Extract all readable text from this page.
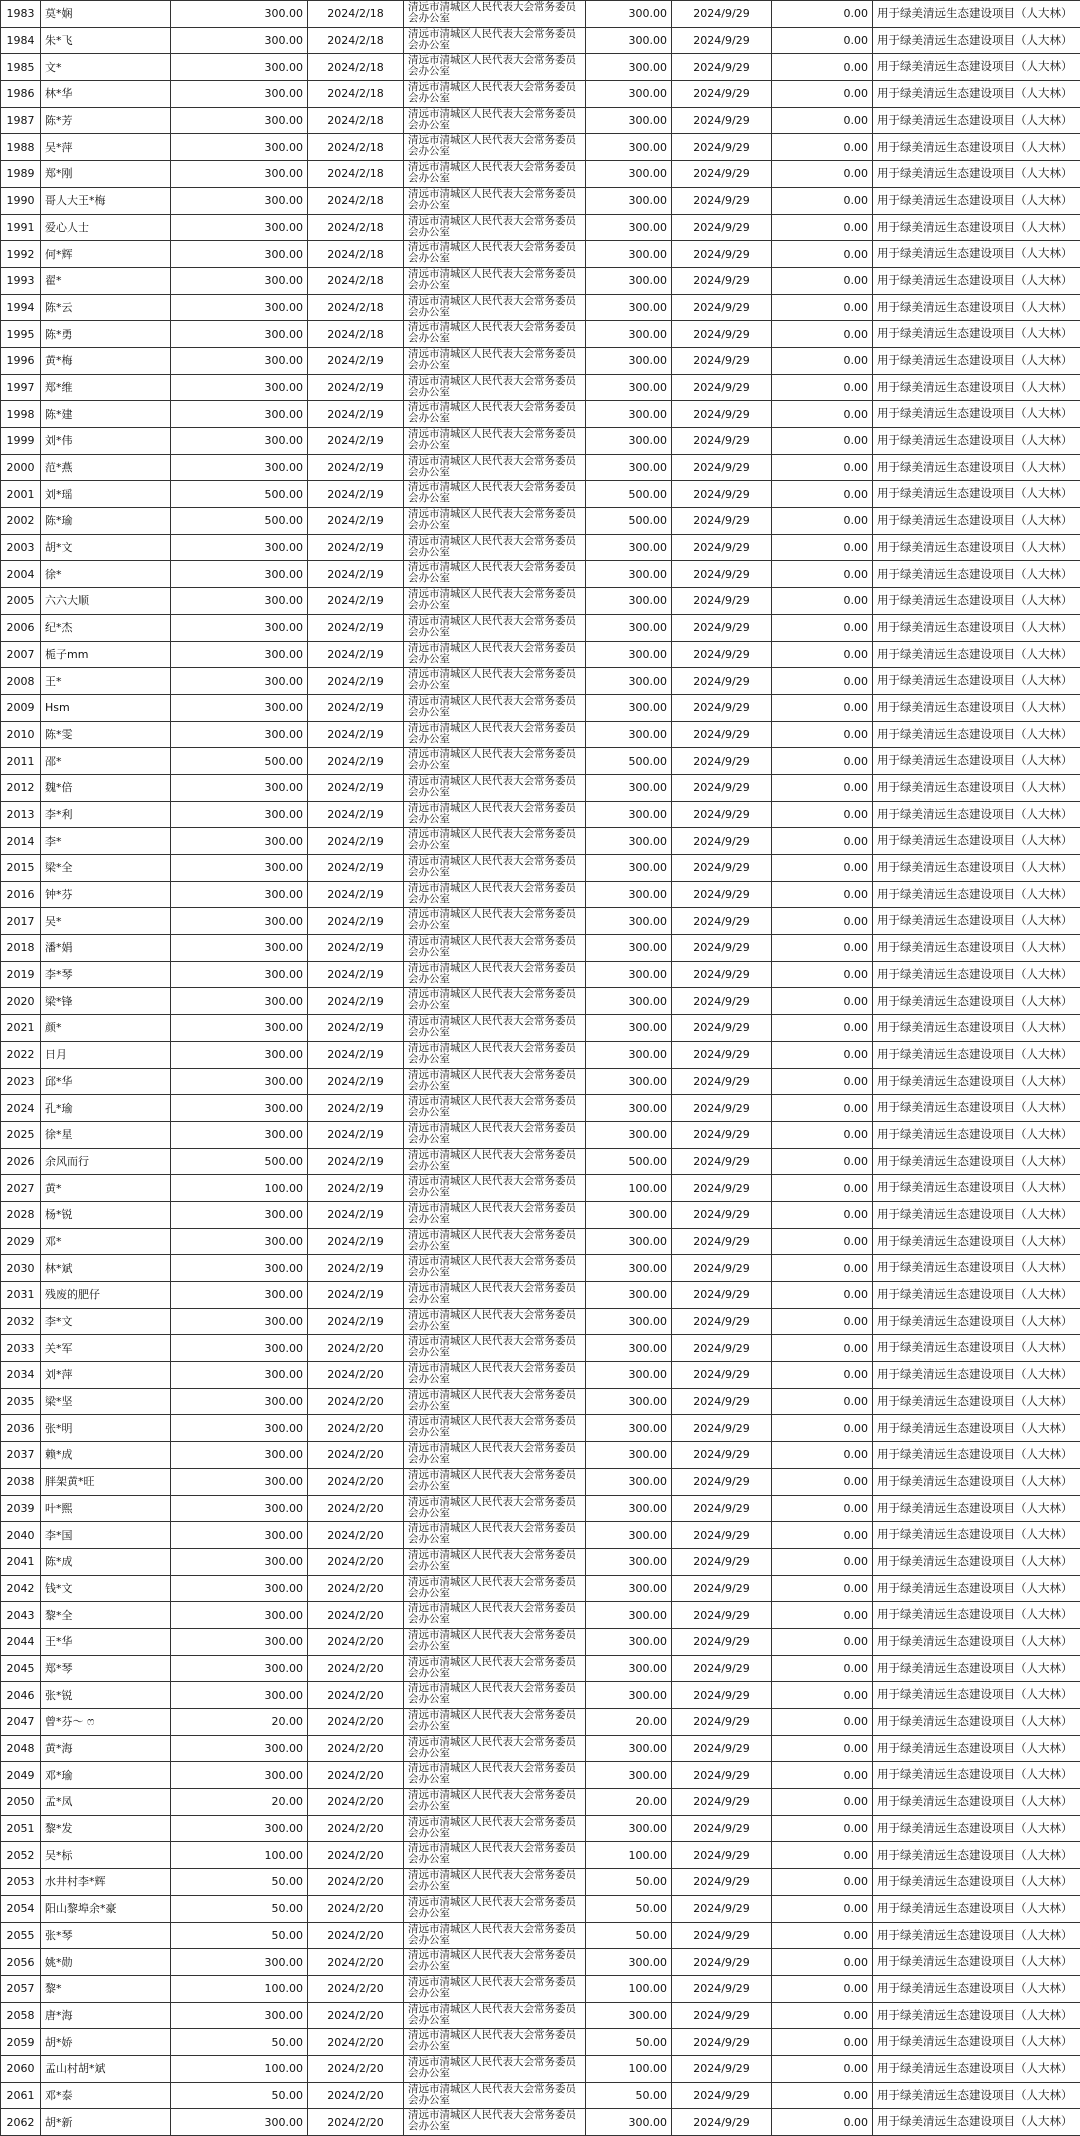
1983	莫*娴	300.00	2024/2/18	清远市清城区人民代表大会常务委员会办公室	300.00	2024/9/29	0.00	用于绿美清远生态建设项目（人大林）
1984	朱*飞	300.00	2024/2/18	清远市清城区人民代表大会常务委员会办公室	300.00	2024/9/29	0.00	用于绿美清远生态建设项目（人大林）
1985	文*	300.00	2024/2/18	清远市清城区人民代表大会常务委员会办公室	300.00	2024/9/29	0.00	用于绿美清远生态建设项目（人大林）
1986	林*华	300.00	2024/2/18	清远市清城区人民代表大会常务委员会办公室	300.00	2024/9/29	0.00	用于绿美清远生态建设项目（人大林）
1987	陈*芳	300.00	2024/2/18	清远市清城区人民代表大会常务委员会办公室	300.00	2024/9/29	0.00	用于绿美清远生态建设项目（人大林）
1988	吴*萍	300.00	2024/2/18	清远市清城区人民代表大会常务委员会办公室	300.00	2024/9/29	0.00	用于绿美清远生态建设项目（人大林）
1989	郑*刚	300.00	2024/2/18	清远市清城区人民代表大会常务委员会办公室	300.00	2024/9/29	0.00	用于绿美清远生态建设项目（人大林）
1990	哥人大王*梅	300.00	2024/2/18	清远市清城区人民代表大会常务委员会办公室	300.00	2024/9/29	0.00	用于绿美清远生态建设项目（人大林）
1991	爱心人士	300.00	2024/2/18	清远市清城区人民代表大会常务委员会办公室	300.00	2024/9/29	0.00	用于绿美清远生态建设项目（人大林）
1992	何*辉	300.00	2024/2/18	清远市清城区人民代表大会常务委员会办公室	300.00	2024/9/29	0.00	用于绿美清远生态建设项目（人大林）
1993	翟*	300.00	2024/2/18	清远市清城区人民代表大会常务委员会办公室	300.00	2024/9/29	0.00	用于绿美清远生态建设项目（人大林）
1994	陈*云	300.00	2024/2/18	清远市清城区人民代表大会常务委员会办公室	300.00	2024/9/29	0.00	用于绿美清远生态建设项目（人大林）
1995	陈*勇	300.00	2024/2/18	清远市清城区人民代表大会常务委员会办公室	300.00	2024/9/29	0.00	用于绿美清远生态建设项目（人大林）
1996	黄*梅	300.00	2024/2/19	清远市清城区人民代表大会常务委员会办公室	300.00	2024/9/29	0.00	用于绿美清远生态建设项目（人大林）
1997	郑*维	300.00	2024/2/19	清远市清城区人民代表大会常务委员会办公室	300.00	2024/9/29	0.00	用于绿美清远生态建设项目（人大林）
1998	陈*建	300.00	2024/2/19	清远市清城区人民代表大会常务委员会办公室	300.00	2024/9/29	0.00	用于绿美清远生态建设项目（人大林）
1999	刘*伟	300.00	2024/2/19	清远市清城区人民代表大会常务委员会办公室	300.00	2024/9/29	0.00	用于绿美清远生态建设项目（人大林）
2000	范*燕	300.00	2024/2/19	清远市清城区人民代表大会常务委员会办公室	300.00	2024/9/29	0.00	用于绿美清远生态建设项目（人大林）
2001	刘*瑶	500.00	2024/2/19	清远市清城区人民代表大会常务委员会办公室	500.00	2024/9/29	0.00	用于绿美清远生态建设项目（人大林）
2002	陈*瑜	500.00	2024/2/19	清远市清城区人民代表大会常务委员会办公室	500.00	2024/9/29	0.00	用于绿美清远生态建设项目（人大林）
2003	胡*文	300.00	2024/2/19	清远市清城区人民代表大会常务委员会办公室	300.00	2024/9/29	0.00	用于绿美清远生态建设项目（人大林）
2004	徐*	300.00	2024/2/19	清远市清城区人民代表大会常务委员会办公室	300.00	2024/9/29	0.00	用于绿美清远生态建设项目（人大林）
2005	六六大顺	300.00	2024/2/19	清远市清城区人民代表大会常务委员会办公室	300.00	2024/9/29	0.00	用于绿美清远生态建设项目（人大林）
2006	纪*杰	300.00	2024/2/19	清远市清城区人民代表大会常务委员会办公室	300.00	2024/9/29	0.00	用于绿美清远生态建设项目（人大林）
2007	栀子mm	300.00	2024/2/19	清远市清城区人民代表大会常务委员会办公室	300.00	2024/9/29	0.00	用于绿美清远生态建设项目（人大林）
2008	王*	300.00	2024/2/19	清远市清城区人民代表大会常务委员会办公室	300.00	2024/9/29	0.00	用于绿美清远生态建设项目（人大林）
2009	Hsm	300.00	2024/2/19	清远市清城区人民代表大会常务委员会办公室	300.00	2024/9/29	0.00	用于绿美清远生态建设项目（人大林）
2010	陈*雯	300.00	2024/2/19	清远市清城区人民代表大会常务委员会办公室	300.00	2024/9/29	0.00	用于绿美清远生态建设项目（人大林）
2011	邵*	500.00	2024/2/19	清远市清城区人民代表大会常务委员会办公室	500.00	2024/9/29	0.00	用于绿美清远生态建设项目（人大林）
2012	魏*倍	300.00	2024/2/19	清远市清城区人民代表大会常务委员会办公室	300.00	2024/9/29	0.00	用于绿美清远生态建设项目（人大林）
2013	李*利	300.00	2024/2/19	清远市清城区人民代表大会常务委员会办公室	300.00	2024/9/29	0.00	用于绿美清远生态建设项目（人大林）
2014	李*	300.00	2024/2/19	清远市清城区人民代表大会常务委员会办公室	300.00	2024/9/29	0.00	用于绿美清远生态建设项目（人大林）
2015	梁*全	300.00	2024/2/19	清远市清城区人民代表大会常务委员会办公室	300.00	2024/9/29	0.00	用于绿美清远生态建设项目（人大林）
2016	钟*芬	300.00	2024/2/19	清远市清城区人民代表大会常务委员会办公室	300.00	2024/9/29	0.00	用于绿美清远生态建设项目（人大林）
2017	吴*	300.00	2024/2/19	清远市清城区人民代表大会常务委员会办公室	300.00	2024/9/29	0.00	用于绿美清远生态建设项目（人大林）
2018	潘*娟	300.00	2024/2/19	清远市清城区人民代表大会常务委员会办公室	300.00	2024/9/29	0.00	用于绿美清远生态建设项目（人大林）
2019	李*琴	300.00	2024/2/19	清远市清城区人民代表大会常务委员会办公室	300.00	2024/9/29	0.00	用于绿美清远生态建设项目（人大林）
2020	梁*锋	300.00	2024/2/19	清远市清城区人民代表大会常务委员会办公室	300.00	2024/9/29	0.00	用于绿美清远生态建设项目（人大林）
2021	颜*	300.00	2024/2/19	清远市清城区人民代表大会常务委员会办公室	300.00	2024/9/29	0.00	用于绿美清远生态建设项目（人大林）
2022	日月	300.00	2024/2/19	清远市清城区人民代表大会常务委员会办公室	300.00	2024/9/29	0.00	用于绿美清远生态建设项目（人大林）
2023	邱*华	300.00	2024/2/19	清远市清城区人民代表大会常务委员会办公室	300.00	2024/9/29	0.00	用于绿美清远生态建设项目（人大林）
2024	孔*瑜	300.00	2024/2/19	清远市清城区人民代表大会常务委员会办公室	300.00	2024/9/29	0.00	用于绿美清远生态建设项目（人大林）
2025	徐*星	300.00	2024/2/19	清远市清城区人民代表大会常务委员会办公室	300.00	2024/9/29	0.00	用于绿美清远生态建设项目（人大林）
2026	余风而行	500.00	2024/2/19	清远市清城区人民代表大会常务委员会办公室	500.00	2024/9/29	0.00	用于绿美清远生态建设项目（人大林）
2027	黄*	100.00	2024/2/19	清远市清城区人民代表大会常务委员会办公室	100.00	2024/9/29	0.00	用于绿美清远生态建设项目（人大林）
2028	杨*锐	300.00	2024/2/19	清远市清城区人民代表大会常务委员会办公室	300.00	2024/9/29	0.00	用于绿美清远生态建设项目（人大林）
2029	邓*	300.00	2024/2/19	清远市清城区人民代表大会常务委员会办公室	300.00	2024/9/29	0.00	用于绿美清远生态建设项目（人大林）
2030	林*斌	300.00	2024/2/19	清远市清城区人民代表大会常务委员会办公室	300.00	2024/9/29	0.00	用于绿美清远生态建设项目（人大林）
2031	残废的肥仔	300.00	2024/2/19	清远市清城区人民代表大会常务委员会办公室	300.00	2024/9/29	0.00	用于绿美清远生态建设项目（人大林）
2032	李*文	300.00	2024/2/19	清远市清城区人民代表大会常务委员会办公室	300.00	2024/9/29	0.00	用于绿美清远生态建设项目（人大林）
2033	关*军	300.00	2024/2/20	清远市清城区人民代表大会常务委员会办公室	300.00	2024/9/29	0.00	用于绿美清远生态建设项目（人大林）
2034	刘*萍	300.00	2024/2/20	清远市清城区人民代表大会常务委员会办公室	300.00	2024/9/29	0.00	用于绿美清远生态建设项目（人大林）
2035	梁*坚	300.00	2024/2/20	清远市清城区人民代表大会常务委员会办公室	300.00	2024/9/29	0.00	用于绿美清远生态建设项目（人大林）
2036	张*明	300.00	2024/2/20	清远市清城区人民代表大会常务委员会办公室	300.00	2024/9/29	0.00	用于绿美清远生态建设项目（人大林）
2037	赖*成	300.00	2024/2/20	清远市清城区人民代表大会常务委员会办公室	300.00	2024/9/29	0.00	用于绿美清远生态建设项目（人大林）
2038	胖架黄*旺	300.00	2024/2/20	清远市清城区人民代表大会常务委员会办公室	300.00	2024/9/29	0.00	用于绿美清远生态建设项目（人大林）
2039	叶*熙	300.00	2024/2/20	清远市清城区人民代表大会常务委员会办公室	300.00	2024/9/29	0.00	用于绿美清远生态建设项目（人大林）
2040	李*国	300.00	2024/2/20	清远市清城区人民代表大会常务委员会办公室	300.00	2024/9/29	0.00	用于绿美清远生态建设项目（人大林）
2041	陈*成	300.00	2024/2/20	清远市清城区人民代表大会常务委员会办公室	300.00	2024/9/29	0.00	用于绿美清远生态建设项目（人大林）
2042	钱*文	300.00	2024/2/20	清远市清城区人民代表大会常务委员会办公室	300.00	2024/9/29	0.00	用于绿美清远生态建设项目（人大林）
2043	黎*全	300.00	2024/2/20	清远市清城区人民代表大会常务委员会办公室	300.00	2024/9/29	0.00	用于绿美清远生态建设项目（人大林）
2044	王*华	300.00	2024/2/20	清远市清城区人民代表大会常务委员会办公室	300.00	2024/9/29	0.00	用于绿美清远生态建设项目（人大林）
2045	郑*琴	300.00	2024/2/20	清远市清城区人民代表大会常务委员会办公室	300.00	2024/9/29	0.00	用于绿美清远生态建设项目（人大林）
2046	张*锐	300.00	2024/2/20	清远市清城区人民代表大会常务委员会办公室	300.00	2024/9/29	0.00	用于绿美清远生态建设项目（人大林）
2047	曾*芬～ ෆ	20.00	2024/2/20	清远市清城区人民代表大会常务委员会办公室	20.00	2024/9/29	0.00	用于绿美清远生态建设项目（人大林）
2048	黄*海	300.00	2024/2/20	清远市清城区人民代表大会常务委员会办公室	300.00	2024/9/29	0.00	用于绿美清远生态建设项目（人大林）
2049	邓*瑜	300.00	2024/2/20	清远市清城区人民代表大会常务委员会办公室	300.00	2024/9/29	0.00	用于绿美清远生态建设项目（人大林）
2050	孟*凤	20.00	2024/2/20	清远市清城区人民代表大会常务委员会办公室	20.00	2024/9/29	0.00	用于绿美清远生态建设项目（人大林）
2051	黎*发	300.00	2024/2/20	清远市清城区人民代表大会常务委员会办公室	300.00	2024/9/29	0.00	用于绿美清远生态建设项目（人大林）
2052	吴*标	100.00	2024/2/20	清远市清城区人民代表大会常务委员会办公室	100.00	2024/9/29	0.00	用于绿美清远生态建设项目（人大林）
2053	水井村李*辉	50.00	2024/2/20	清远市清城区人民代表大会常务委员会办公室	50.00	2024/9/29	0.00	用于绿美清远生态建设项目（人大林）
2054	阳山黎埠余*豪	50.00	2024/2/20	清远市清城区人民代表大会常务委员会办公室	50.00	2024/9/29	0.00	用于绿美清远生态建设项目（人大林）
2055	张*琴	50.00	2024/2/20	清远市清城区人民代表大会常务委员会办公室	50.00	2024/9/29	0.00	用于绿美清远生态建设项目（人大林）
2056	姚*勋	300.00	2024/2/20	清远市清城区人民代表大会常务委员会办公室	300.00	2024/9/29	0.00	用于绿美清远生态建设项目（人大林）
2057	黎*	100.00	2024/2/20	清远市清城区人民代表大会常务委员会办公室	100.00	2024/9/29	0.00	用于绿美清远生态建设项目（人大林）
2058	唐*海	300.00	2024/2/20	清远市清城区人民代表大会常务委员会办公室	300.00	2024/9/29	0.00	用于绿美清远生态建设项目（人大林）
2059	胡*娇	50.00	2024/2/20	清远市清城区人民代表大会常务委员会办公室	50.00	2024/9/29	0.00	用于绿美清远生态建设项目（人大林）
2060	孟山村胡*斌	100.00	2024/2/20	清远市清城区人民代表大会常务委员会办公室	100.00	2024/9/29	0.00	用于绿美清远生态建设项目（人大林）
2061	邓*泰	50.00	2024/2/20	清远市清城区人民代表大会常务委员会办公室	50.00	2024/9/29	0.00	用于绿美清远生态建设项目（人大林）
2062	胡*新	300.00	2024/2/20	清远市清城区人民代表大会常务委员会办公室	300.00	2024/9/29	0.00	用于绿美清远生态建设项目（人大林）
